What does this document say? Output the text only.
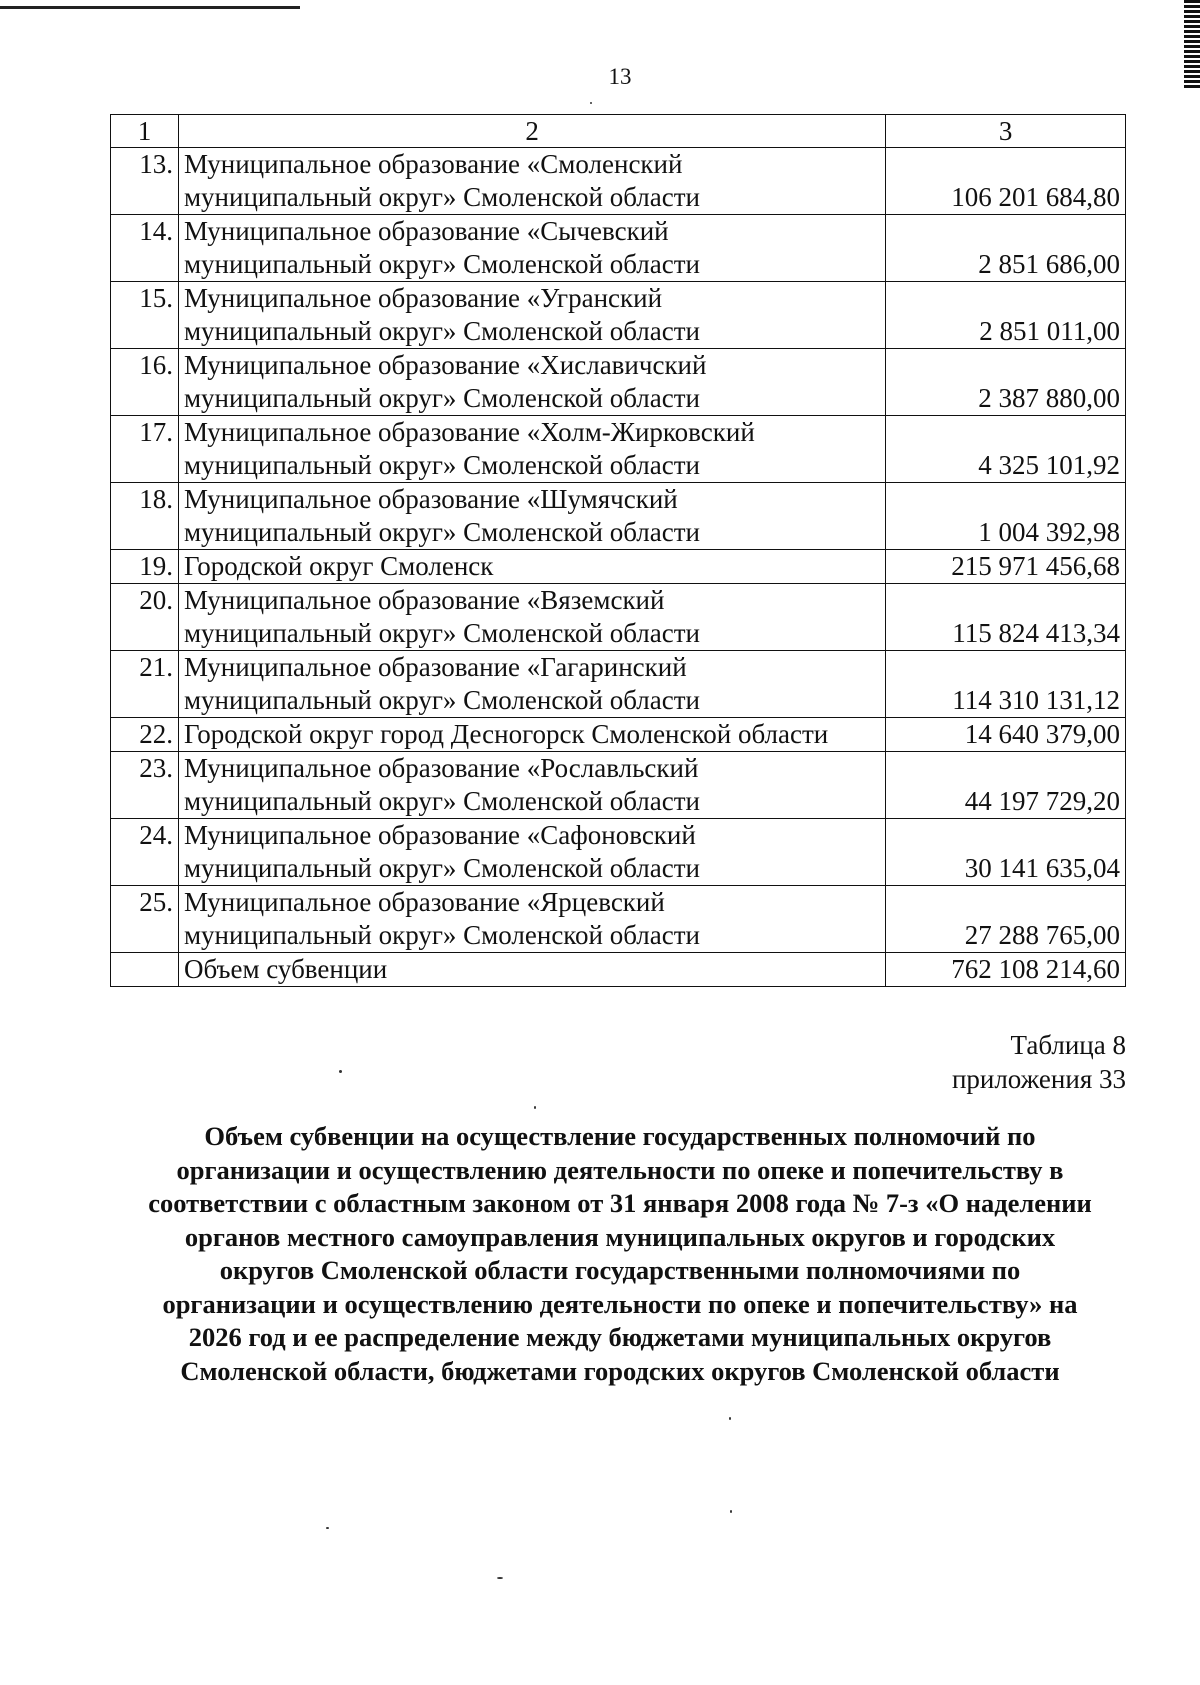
13
1	2	3
13.	Муниципальное образование «Смоленский
муниципальный округ» Смоленской области	106 201 684,80
14.	Муниципальное образование «Сычевский
муниципальный округ» Смоленской области	2 851 686,00
15.	Муниципальное образование «Угранский
муниципальный округ» Смоленской области	2 851 011,00
16.	Муниципальное образование «Хиславичский
муниципальный округ» Смоленской области	2 387 880,00
17.	Муниципальное образование «Холм-Жирковский
муниципальный округ» Смоленской области	4 325 101,92
18.	Муниципальное образование «Шумячский
муниципальный округ» Смоленской области	1 004 392,98
19.	Городской округ Смоленск	215 971 456,68
20.	Муниципальное образование «Вяземский
муниципальный округ» Смоленской области	115 824 413,34
21.	Муниципальное образование «Гагаринский
муниципальный округ» Смоленской области	114 310 131,12
22.	Городской округ город Десногорск Смоленской области	14 640 379,00
23.	Муниципальное образование «Рославльский
муниципальный округ» Смоленской области	44 197 729,20
24.	Муниципальное образование «Сафоновский
муниципальный округ» Смоленской области	30 141 635,04
25.	Муниципальное образование «Ярцевский
муниципальный округ» Смоленской области	27 288 765,00
	Объем субвенции	762 108 214,60
Таблица 8
приложения 33
Объем субвенции на осуществление государственных полномочий по
организации и осуществлению деятельности по опеке и попечительству в
соответствии с областным законом от 31 января 2008 года № 7-з «О наделении
органов местного самоуправления муниципальных округов и городских
округов Смоленской области государственными полномочиями по
организации и осуществлению деятельности по опеке и попечительству» на
2026 год и ее распределение между бюджетами муниципальных округов
Смоленской области, бюджетами городских округов Смоленской области
